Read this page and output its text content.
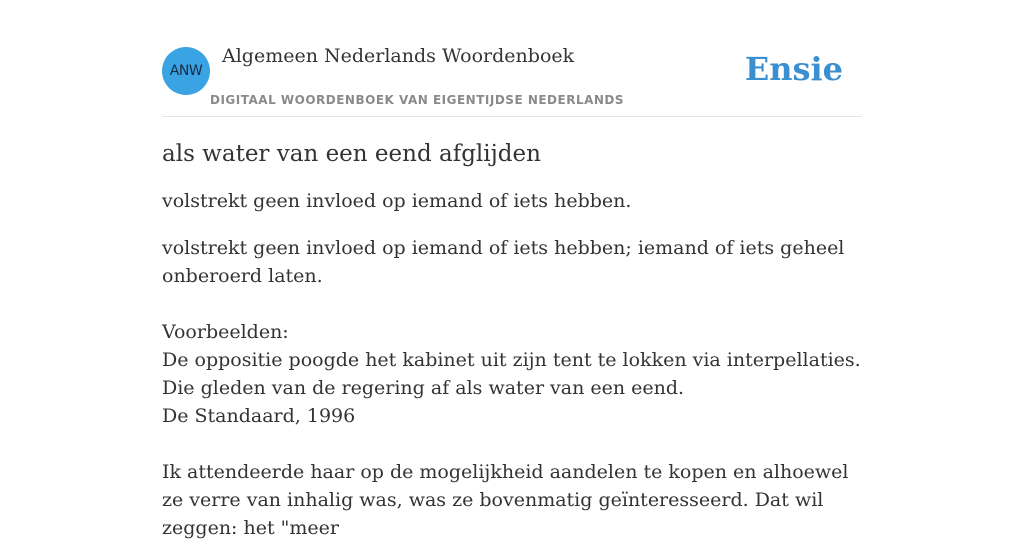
ANW
Algemeen Nederlands Woordenboek
DIGITAAL WOORDENBOEK VAN EIGENTIJDSE NEDERLANDS
Ensie
als water van een eend afglijden

volstrekt geen invloed op iemand of iets hebben.

volstrekt geen invloed op iemand of iets hebben; iemand of iets geheel onberoerd laten.
Voorbeelden:
De oppositie poogde het kabinet uit zijn tent te lokken via interpellaties. Die gleden van de regering af als water van een eend.
De Standaard, 1996
Ik attendeerde haar op de mogelijkheid aandelen te kopen en alhoewel ze verre van inhalig was, was ze bovenmatig geïnteresseerd. Dat wil zeggen: het "meer
